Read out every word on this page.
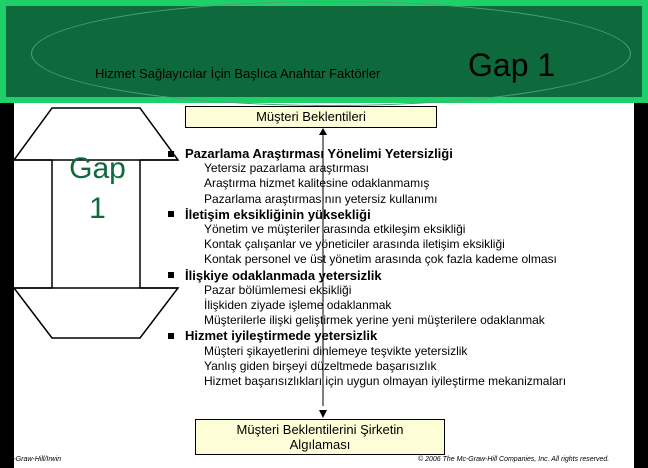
Hizmet Sağlayıcılar İçin Başlıca Anahtar Faktörler	Gap 1
Gap
1
Müşteri Beklentileri
Müşteri Beklentilerini Şirketin
Algılaması
Pazarlama Araştırması Yönelimi Yetersizliği
Yetersiz pazarlama araştırması
Araştırma hizmet kalitesine odaklanmamış
Pazarlama araştırmasının yetersiz kullanımı
İletişim eksikliğinin yüksekliği
Yönetim ve müşteriler arasında etkileşim eksikliği
Kontak çalışanlar ve yöneticiler arasında iletişim eksikliği
Kontak personel ve üst yönetim arasında çok fazla kademe olması
İlişkiye odaklanmada yetersizlik
Pazar bölümlemesi eksikliği
İlişkiden ziyade işleme odaklanmak
Müşterilerle ilişki geliştirmek yerine yeni müşterilere odaklanmak
Hizmet iyileştirmede yetersizlik
Müşteri şikayetlerini dinlemeye teşvikte yetersizlik
Yanlış giden birşeyi düzeltmede başarısızlık
Hizmet başarısızlıkları için uygun olmayan iyileştirme mekanizmaları
Mc-Graw-Hill/Irwin	© 2006 The Mc-Graw-Hill Companies, Inc. All rights reserved.
